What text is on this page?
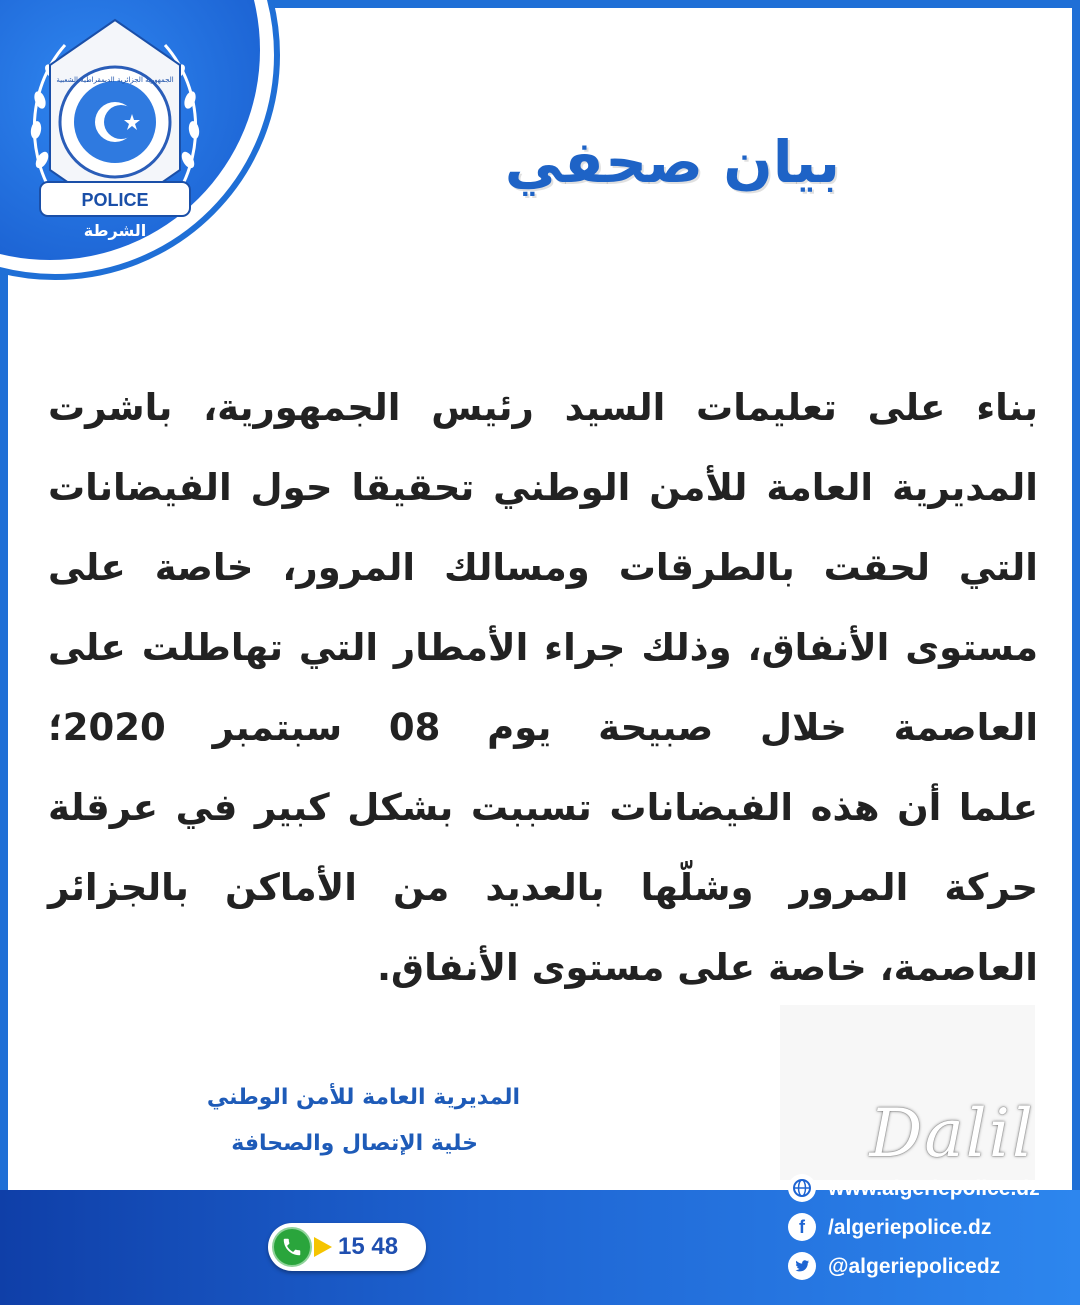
POLICE
الشرطة
الجمهورية الجزائرية الديمقراطية الشعبية
بيان صحفي
بناء على تعليمات السيد رئيس الجمهورية، باشرت
المديرية العامة للأمن الوطني تحقيقا حول الفيضانات
التي لحقت بالطرقات ومسالك المرور، خاصة على
مستوى الأنفاق، وذلك جراء الأمطار التي تهاطلت على
العاصمة خلال صبيحة يوم 08 سبتمبر 2020؛
علما أن هذه الفيضانات تسببت بشكل كبير في عرقلة
حركة المرور وشلّها بالعديد من الأماكن بالجزائر
العاصمة، خاصة على مستوى الأنفاق.
المديرية العامة للأمن الوطني
خلية الإتصال والصحافة	Dalil
15 48
www.algeriepolice.dz
f	/algeriepolice.dz
@algeriepolicedz
